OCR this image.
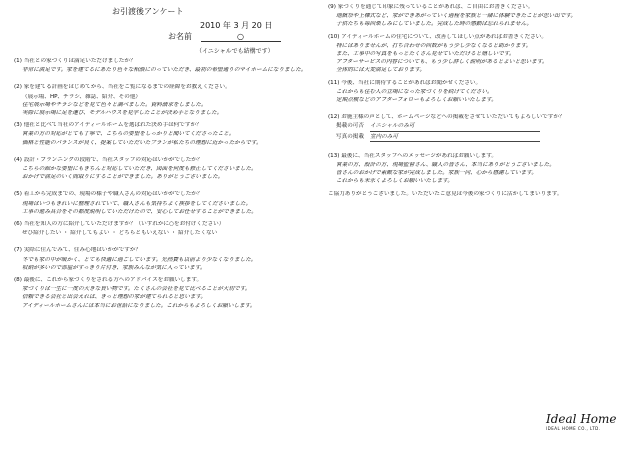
お引渡後アンケート
2010 年 3 月 20 日
お名前	○
（イニシャルでも結構です）
(1) 当社との家づくりは満足いただけましたか？
非常に満足です。家を建てるにあたり色々な相談にのっていただき、最初の希望通りのマイホームになりました。
(2) 家を建てる計画をはじめてから、当社をご覧になるまでの経緯をお教えください。
（展示場、HP、チラシ、雑誌、紹介、その他）
住宅展示場やチラシなどを見て色々と調べました。資料請求をしました。
実際に展示場に足を運び、モデルハウスを見学したことが決め手となりました。
(3) 他社と比べて当社のアイディールホームを選ばれた決め手は何ですか？
営業の方の対応がとても丁寧で、こちらの要望をしっかりと聞いてくださったこと。
価格と性能のバランスが良く、提案していただいたプランが私たちの理想に近かったからです。
(4) 設計・プランニングの段階で、当社スタッフの対応はいかがでしたか？
こちらの細かな要望にもきちんと対応していただき、図面を何度も修正してくださいました。
おかげで満足のいく間取りにすることができました。ありがとうございました。
(5) 着工から完成までの、現場の様子や職人さんの対応はいかがでしたか？
現場はいつもきれいに整理されていて、職人さんも気持ちよく挨拶をしてくださいました。
工事の進み具合をその都度説明していただけたので、安心してお任せすることができました。
(6) 当社を知人の方に紹介していただけますか？（いずれかに○をお付けください）
ぜひ紹介したい ・ 紹介してもよい ・ どちらともいえない ・ 紹介したくない
(7) 実際に住んでみて、住み心地はいかがですか？
冬でも家の中が暖かく、とても快適に過ごしています。光熱費も以前より少なくなりました。
収納が多いので部屋がすっきり片付き、家族みんなが気に入っています。
(8) 最後に、これから家づくりをされる方へのアドバイスをお願いします。
家づくりは一生に一度の大きな買い物です。たくさんの会社を見て比べることが大切です。
信頼できる会社と出会えれば、きっと理想の家が建てられると思います。
アイディールホームさんには本当にお世話になりました。これからもよろしくお願いします。
(9) 家づくりを通じて印象に残っていることがあれば、ご自由にお書きください。
地鎮祭や上棟式など、家ができあがっていく過程を家族と一緒に体験できたことが思い出です。
子供たちも毎回楽しみにしていました。完成した時の感動は忘れられません。
(10) アイディールホームの住宅について、改善してほしい点があればお書きください。
特にはありませんが、打ち合わせの回数がもう少し少なくなると助かります。
また、工事中の写真をもっとたくさん見せていただけると嬉しいです。
アフターサービスの内容についても、もう少し詳しく説明があるとよいと思います。
全体的には大変満足しております。
(11) 今後、当社に期待することがあればお聞かせください。
これからも住む人の立場になった家づくりを続けてください。
定期点検などのアフターフォローもよろしくお願いいたします。
(12) お施主様の声として、ホームページなどへの掲載をさせていただいてもよろしいですか？
掲載の可否 イニシャルのみ可
写真の掲載 室内のみ可
(13) 最後に、当社スタッフへのメッセージがあればお願いします。
営業の方、設計の方、現場監督さん、職人の皆さん、本当にありがとうございました。
皆さんのおかげで素敵な家が完成しました。家族一同、心から感謝しています。
これからも末永くよろしくお願いいたします。
ご協力ありがとうございました。いただいたご意見は今後の家づくりに活かしてまいります。
Ideal Home
IDEAL HOME CO., LTD.
